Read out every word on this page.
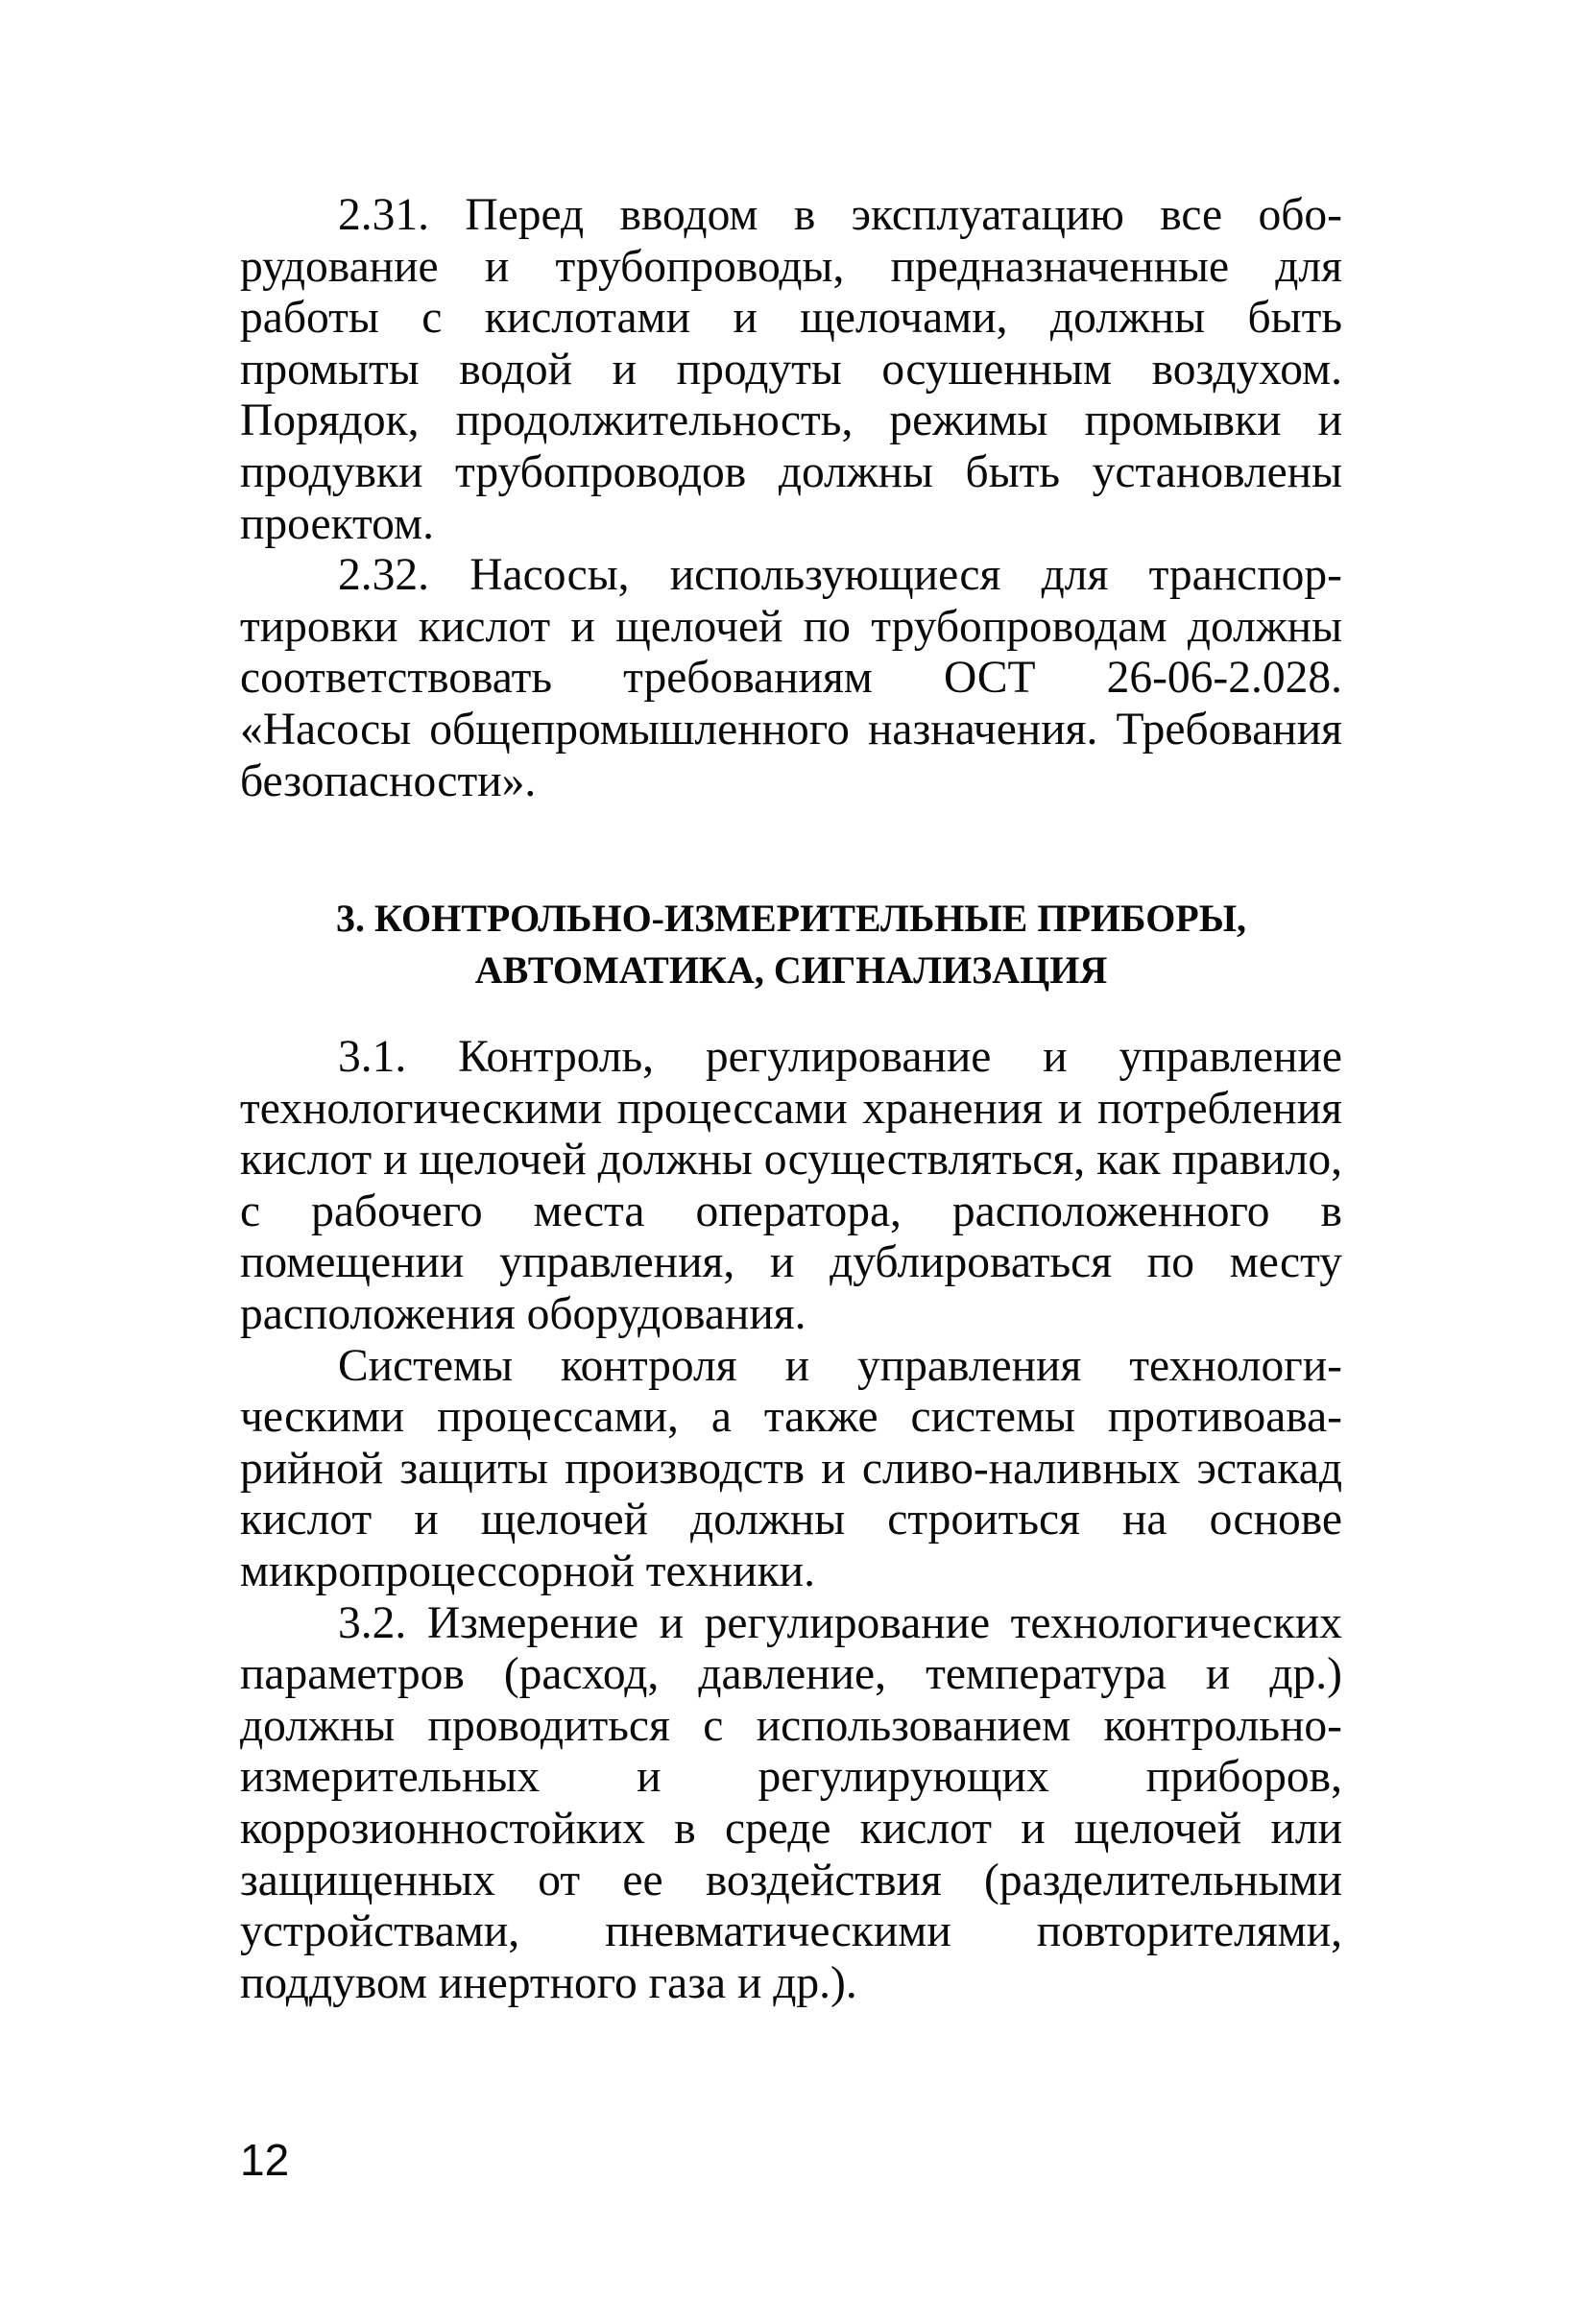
2.31. Перед вводом в эксплуатацию все оборудование и трубопроводы, предназначенные для работы с кислотами и щелочами, должны быть промыты водой и продуты осушенным воздухом. Порядок, продолжительность, режимы промывки и продувки трубопроводов должны быть установлены проектом.

2.32. Насосы, использующиеся для транспортировки кислот и щелочей по трубопроводам должны соответствовать требованиям ОСТ 26-06-2.028. «Насосы общепромышленного назначения. Требования безопасности».

3. КОНТРОЛЬНО-ИЗМЕРИТЕЛЬНЫЕ ПРИБОРЫ,
АВТОМАТИКА, СИГНАЛИЗАЦИЯ

3.1. Контроль, регулирование и управление технологическими процессами хранения и потребления кислот и щелочей должны осуществляться, как правило, с рабочего места оператора, расположенного в помещении управления, и дублироваться по месту расположения оборудования.

Системы контроля и управления технологическими процессами, а также системы противоаварийной защиты производств и сливо-наливных эстакад кислот и щелочей должны строиться на основе микропроцессорной техники.

3.2. Измерение и регулирование технологических параметров (расход, давление, температура и др.) должны проводиться с использованием контрольно-измерительных и регулирующих приборов, коррозионностойких в среде кислот и щелочей или защищенных от ее воздействия (разделительными устройствами, пневматическими повторителями, поддувом инертного газа и др.).

12
